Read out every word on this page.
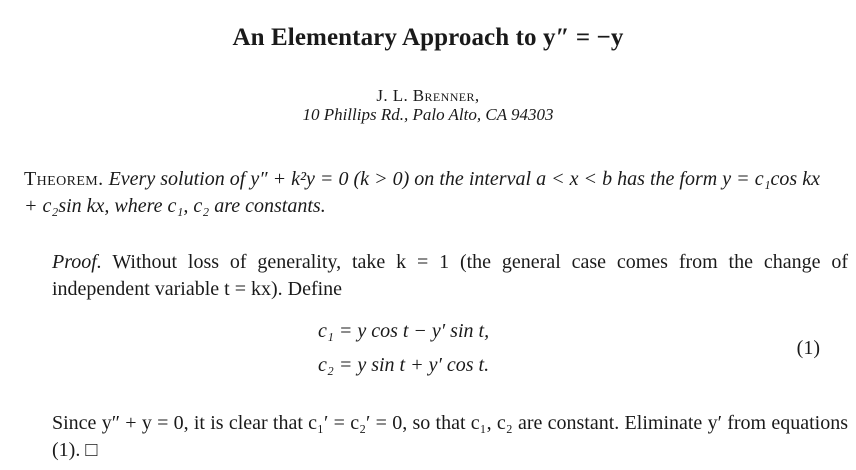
An Elementary Approach to y″ = −y
J. L. Brenner,
10 Phillips Rd., Palo Alto, CA 94303

Theorem. Every solution of y″ + k²y = 0 (k > 0) on the interval a < x < b has the form y = c₁cos kx + c₂sin kx, where c₁, c₂ are constants.

Proof. Without loss of generality, take k = 1 (the general case comes from the change of independent variable t = kx). Define

c₁ = y cos t − y′ sin t,
c₂ = y sin t + y′ cos t.
(1)

Since y″ + y = 0, it is clear that c₁′ = c₂′ = 0, so that c₁, c₂ are constant. Eliminate y′ from equations (1). □
